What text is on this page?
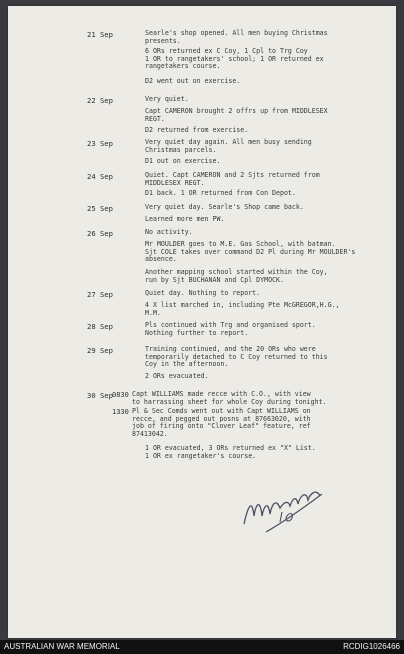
21 Sep	Searle's shop opened. All men buying Christmas
presents.
6 ORs returned ex C Coy, 1 Cpl to Trg Coy
1 OR to rangetakers' school; 1 OR returned ex
rangetakers course.
D2 went out on exercise.
22 Sep	Very quiet.
Capt CAMERON brought 2 offrs up from MIDDLESEX
REGT.
D2 returned from exercise.
23 Sep	Very quiet day again. All men busy sending
Christmas parcels.
D1 out on exercise.
24 Sep	Quiet. Capt CAMERON and 2 Sjts returned from
MIDDLESEX REGT.
D1 back. 1 OR returned from Con Depot.
25 Sep	Very quiet day. Searle's Shop came back.
Learned more men PW.
26 Sep	No activity.
Mr MOULDER goes to M.E. Gas School, with batman.
Sjt COLE takes over command D2 Pl during Mr MOULDER's
absence.
Another mapping school started within the Coy,
run by Sjt BUCHANAN and Cpl DYMOCK.
27 Sep	Quiet day. Nothing to report.
4 X list marched in, including Pte McGREGOR,H.G.,
M.M.
28 Sep	Pls continued with Trg and organised sport.
Nothing further to report.
29 Sep	Training continued, and the 20 ORs who were
temporarily detached to C Coy returned to this
Coy in the afternoon.
2 ORs evacuated.
30 Sep 0830 Capt WILLIAMS made recce with C.O., with view
to harrassing sheet for whole Coy during tonight.
1330 Pl & Sec Comds went out with Capt WILLIAMS on
recce, and pegged out posns at 87663020, with
job of firing onto "Clover Leaf" feature, ref
87413042.
1 OR evacuated, 3 ORs returned ex "X" List.
1 OR ex rangetaker's course.
AUSTRALIAN WAR MEMORIAL	RCDIG1026466
